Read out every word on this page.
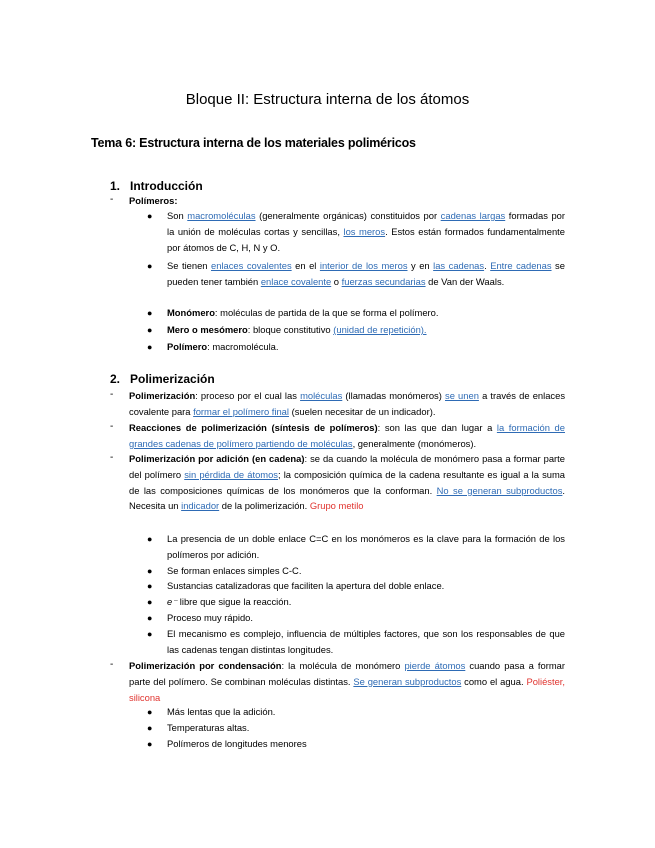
Bloque II: Estructura interna de los átomos
Tema 6: Estructura interna de los materiales poliméricos
1. Introducción
- Polímeros:
● Son macromoléculas (generalmente orgánicas) constituidos por cadenas largas formadas por la unión de moléculas cortas y sencillas, los meros. Estos están formados fundamentalmente por átomos de C, H, N y O.
● Se tienen enlaces covalentes en el interior de los meros y en las cadenas. Entre cadenas se pueden tener también enlace covalente o fuerzas secundarias de Van der Waals.
● Monómero: moléculas de partida de la que se forma el polímero.
● Mero o mesómero: bloque constitutivo (unidad de repetición).
● Polímero: macromolécula.
2. Polimerización
- Polimerización: proceso por el cual las moléculas (llamadas monómeros) se unen a través de enlaces covalente para formar el polímero final (suelen necesitar de un indicador).
- Reacciones de polimerización (síntesis de polímeros): son las que dan lugar a la formación de grandes cadenas de polímero partiendo de moléculas, generalmente (monómeros).
- Polimerización por adición (en cadena): se da cuando la molécula de monómero pasa a formar parte del polímero sin pérdida de átomos; la composición química de la cadena resultante es igual a la suma de las composiciones químicas de los monómeros que la conforman. No se generan subproductos. Necesita un indicador de la polimerización. Grupo metilo
● La presencia de un doble enlace C=C en los monómeros es la clave para la formación de los polímeros por adición.
● Se forman enlaces simples C-C.
● Sustancias catalizadoras que faciliten la apertura del doble enlace.
● e⁻ libre que sigue la reacción.
● Proceso muy rápido.
● El mecanismo es complejo, influencia de múltiples factores, que son los responsables de que las cadenas tengan distintas longitudes.
- Polimerización por condensación: la molécula de monómero pierde átomos cuando pasa a formar parte del polímero. Se combinan moléculas distintas. Se generan subproductos como el agua. Poliéster, silicona
● Más lentas que la adición.
● Temperaturas altas.
● Polímeros de longitudes menores
